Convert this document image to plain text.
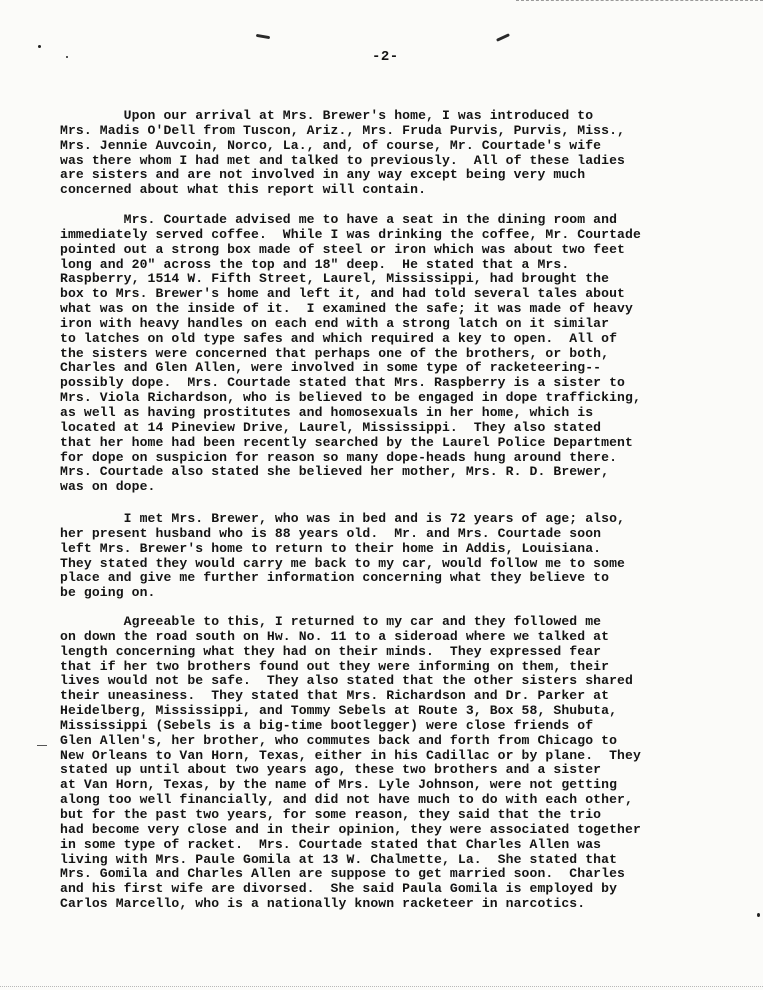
-2-

Upon our arrival at Mrs. Brewer's home, I was introduced to
Mrs. Madis O'Dell from Tuscon, Ariz., Mrs. Fruda Purvis, Purvis, Miss.,
Mrs. Jennie Auvcoin, Norco, La., and, of course, Mr. Courtade's wife
was there whom I had met and talked to previously.  All of these ladies
are sisters and are not involved in any way except being very much
concerned about what this report will contain.

Mrs. Courtade advised me to have a seat in the dining room and
immediately served coffee.  While I was drinking the coffee, Mr. Courtade
pointed out a strong box made of steel or iron which was about two feet
long and 20" across the top and 18" deep.  He stated that a Mrs.
Raspberry, 1514 W. Fifth Street, Laurel, Mississippi, had brought the
box to Mrs. Brewer's home and left it, and had told several tales about
what was on the inside of it.  I examined the safe; it was made of heavy
iron with heavy handles on each end with a strong latch on it similar
to latches on old type safes and which required a key to open.  All of
the sisters were concerned that perhaps one of the brothers, or both,
Charles and Glen Allen, were involved in some type of racketeering--
possibly dope.  Mrs. Courtade stated that Mrs. Raspberry is a sister to
Mrs. Viola Richardson, who is believed to be engaged in dope trafficking,
as well as having prostitutes and homosexuals in her home, which is
located at 14 Pineview Drive, Laurel, Mississippi.  They also stated
that her home had been recently searched by the Laurel Police Department
for dope on suspicion for reason so many dope-heads hung around there.
Mrs. Courtade also stated she believed her mother, Mrs. R. D. Brewer,
was on dope.

I met Mrs. Brewer, who was in bed and is 72 years of age; also,
her present husband who is 88 years old.  Mr. and Mrs. Courtade soon
left Mrs. Brewer's home to return to their home in Addis, Louisiana.
They stated they would carry me back to my car, would follow me to some
place and give me further information concerning what they believe to
be going on.

Agreeable to this, I returned to my car and they followed me
on down the road south on Hw. No. 11 to a sideroad where we talked at
length concerning what they had on their minds.  They expressed fear
that if her two brothers found out they were informing on them, their
lives would not be safe.  They also stated that the other sisters shared
their uneasiness.  They stated that Mrs. Richardson and Dr. Parker at
Heidelberg, Mississippi, and Tommy Sebels at Route 3, Box 58, Shubuta,
Mississippi (Sebels is a big-time bootlegger) were close friends of
Glen Allen's, her brother, who commutes back and forth from Chicago to
New Orleans to Van Horn, Texas, either in his Cadillac or by plane.  They
stated up until about two years ago, these two brothers and a sister
at Van Horn, Texas, by the name of Mrs. Lyle Johnson, were not getting
along too well financially, and did not have much to do with each other,
but for the past two years, for some reason, they said that the trio
had become very close and in their opinion, they were associated together
in some type of racket.  Mrs. Courtade stated that Charles Allen was
living with Mrs. Paule Gomila at 13 W. Chalmette, La.  She stated that
Mrs. Gomila and Charles Allen are suppose to get married soon.  Charles
and his first wife are divorsed.  She said Paula Gomila is employed by
Carlos Marcello, who is a nationally known racketeer in narcotics.
